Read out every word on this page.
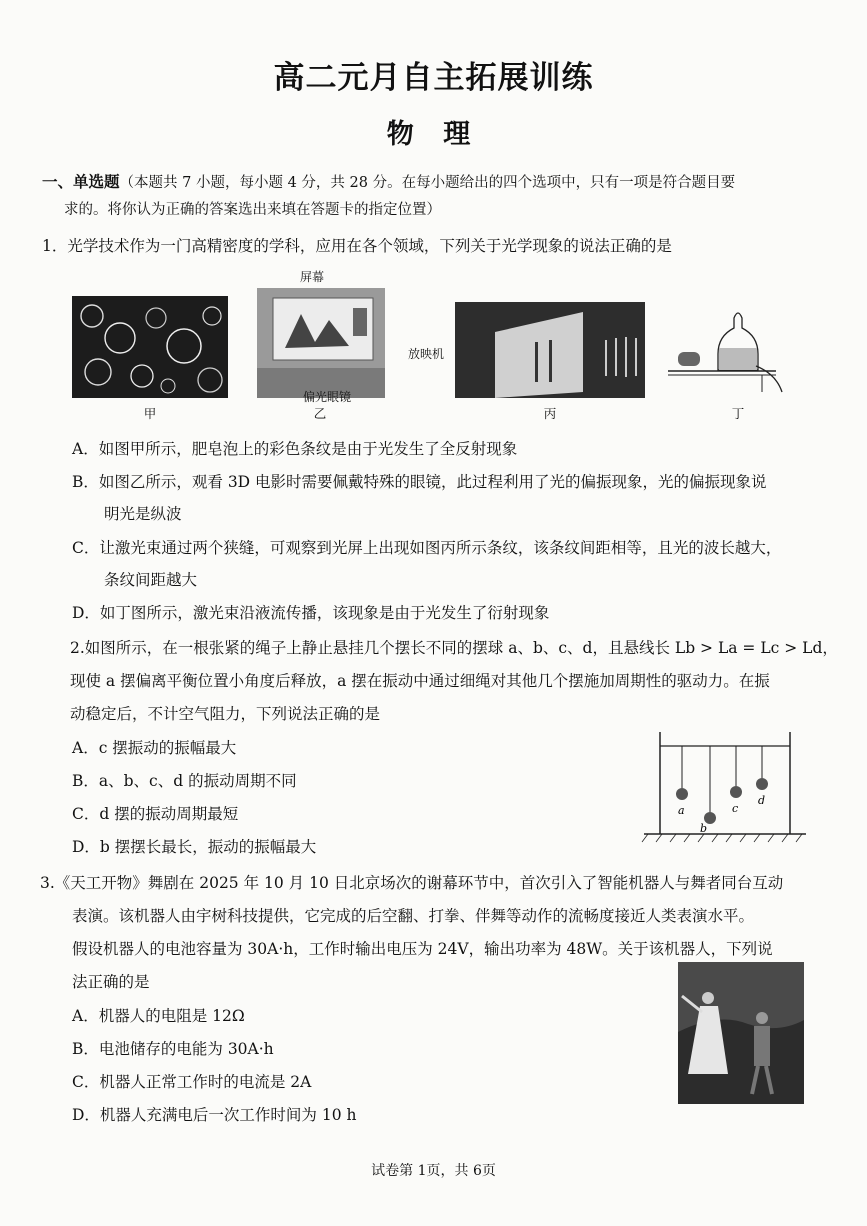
高二元月自主拓展训练
物 理
一、单选题（本题共 7 小题，每小题 4 分，共 28 分。在每小题给出的四个选项中，只有一项是符合题目要
求的。将你认为正确的答案选出来填在答题卡的指定位置）
1．光学技术作为一门高精密度的学科，应用在各个领域，下列关于光学现象的说法正确的是
屏幕
偏光眼镜
放映机
甲	乙	丙	丁
A．如图甲所示，肥皂泡上的彩色条纹是由于光发生了全反射现象
B．如图乙所示，观看 3D 电影时需要佩戴特殊的眼镜，此过程利用了光的偏振现象，光的偏振现象说
明光是纵波
C．让激光束通过两个狭缝，可观察到光屏上出现如图丙所示条纹，该条纹间距相等，且光的波长越大，
条纹间距越大
D．如丁图所示，激光束沿液流传播，该现象是由于光发生了衍射现象
2.如图所示，在一根张紧的绳子上静止悬挂几个摆长不同的摆球 a、b、c、d，且悬线长 Lb > La = Lc > Ld，
现使 a 摆偏离平衡位置小角度后释放，a 摆在振动中通过细绳对其他几个摆施加周期性的驱动力。在振
动稳定后，不计空气阻力，下列说法正确的是
A．c 摆振动的振幅最大
B．a、b、c、d 的振动周期不同
C．d 摆的振动周期最短
D．b 摆摆长最长，振动的振幅最大
a
b
c
d
3.《天工开物》舞剧在 2025 年 10 月 10 日北京场次的谢幕环节中，首次引入了智能机器人与舞者同台互动
表演。该机器人由宇树科技提供，它完成的后空翻、打拳、伴舞等动作的流畅度接近人类表演水平。
假设机器人的电池容量为 30A·h，工作时输出电压为 24V，输出功率为 48W。关于该机器人，下列说
法正确的是
A．机器人的电阻是 12Ω
B．电池储存的电能为 30A·h
C．机器人正常工作时的电流是 2A
D．机器人充满电后一次工作时间为 10 h
试卷第 1页，共 6页
